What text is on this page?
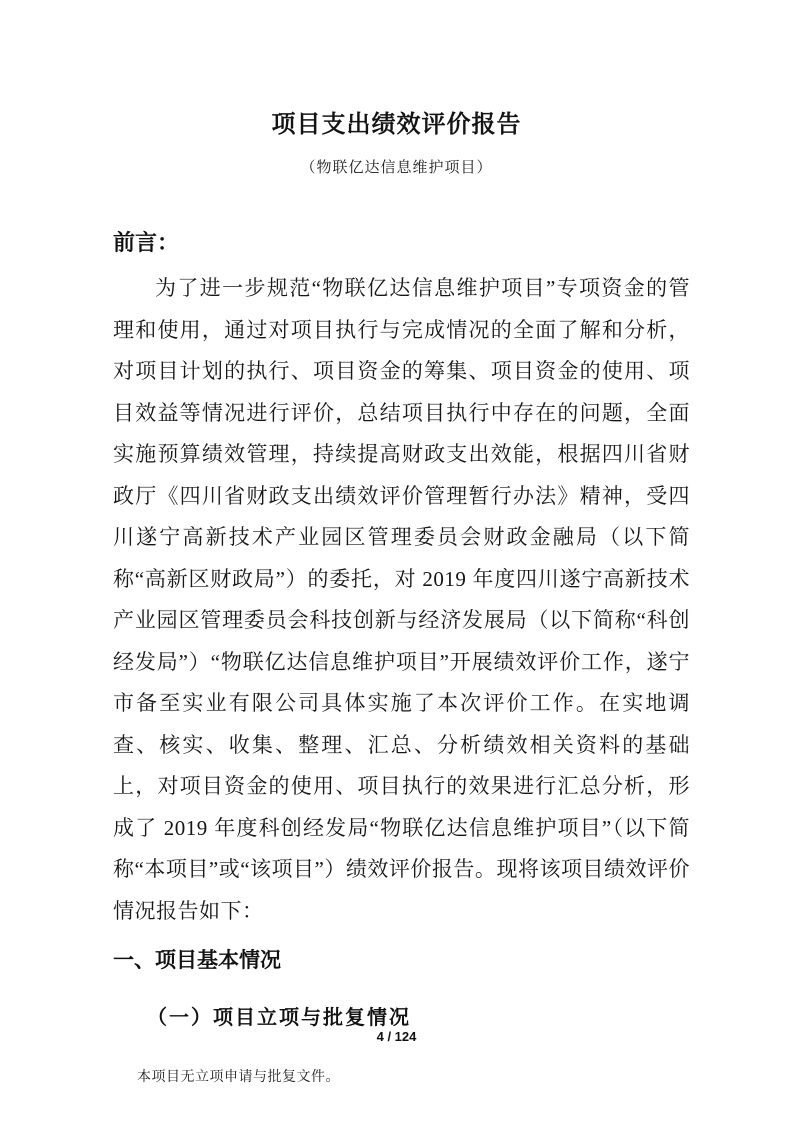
项目支出绩效评价报告
（物联亿达信息维护项目）
前言：
为了进一步规范“物联亿达信息维护项目”专项资金的管理和使用，通过对项目执行与完成情况的全面了解和分析，对项目计划的执行、项目资金的筹集、项目资金的使用、项目效益等情况进行评价，总结项目执行中存在的问题，全面实施预算绩效管理，持续提高财政支出效能，根据四川省财政厅《四川省财政支出绩效评价管理暂行办法》精神，受四川遂宁高新技术产业园区管理委员会财政金融局（以下简称“高新区财政局”）的委托，对 2019 年度四川遂宁高新技术产业园区管理委员会科技创新与经济发展局（以下简称“科创经发局”）“物联亿达信息维护项目”开展绩效评价工作，遂宁市备至实业有限公司具体实施了本次评价工作。在实地调查、核实、收集、整理、汇总、分析绩效相关资料的基础上，对项目资金的使用、项目执行的效果进行汇总分析，形成了 2019 年度科创经发局“物联亿达信息维护项目”（以下简称“本项目”或“该项目”）绩效评价报告。现将该项目绩效评价情况报告如下：
一、项目基本情况
（一）项目立项与批复情况
本项目无立项申请与批复文件。
4 / 124
